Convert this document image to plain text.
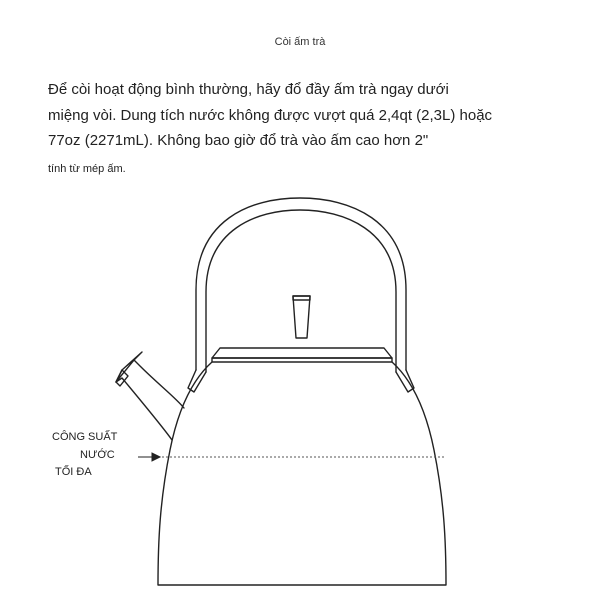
Còi ấm trà
Để còi hoạt động bình thường, hãy đổ đầy ấm trà ngay dưới
miệng vòi. Dung tích nước không được vượt quá 2,4qt (2,3L) hoặc
77oz (2271mL). Không bao giờ đổ trà vào ấm cao hơn 2"
tính từ mép ấm.
CÔNG SUẤT
NƯỚC
TỐI ĐA
